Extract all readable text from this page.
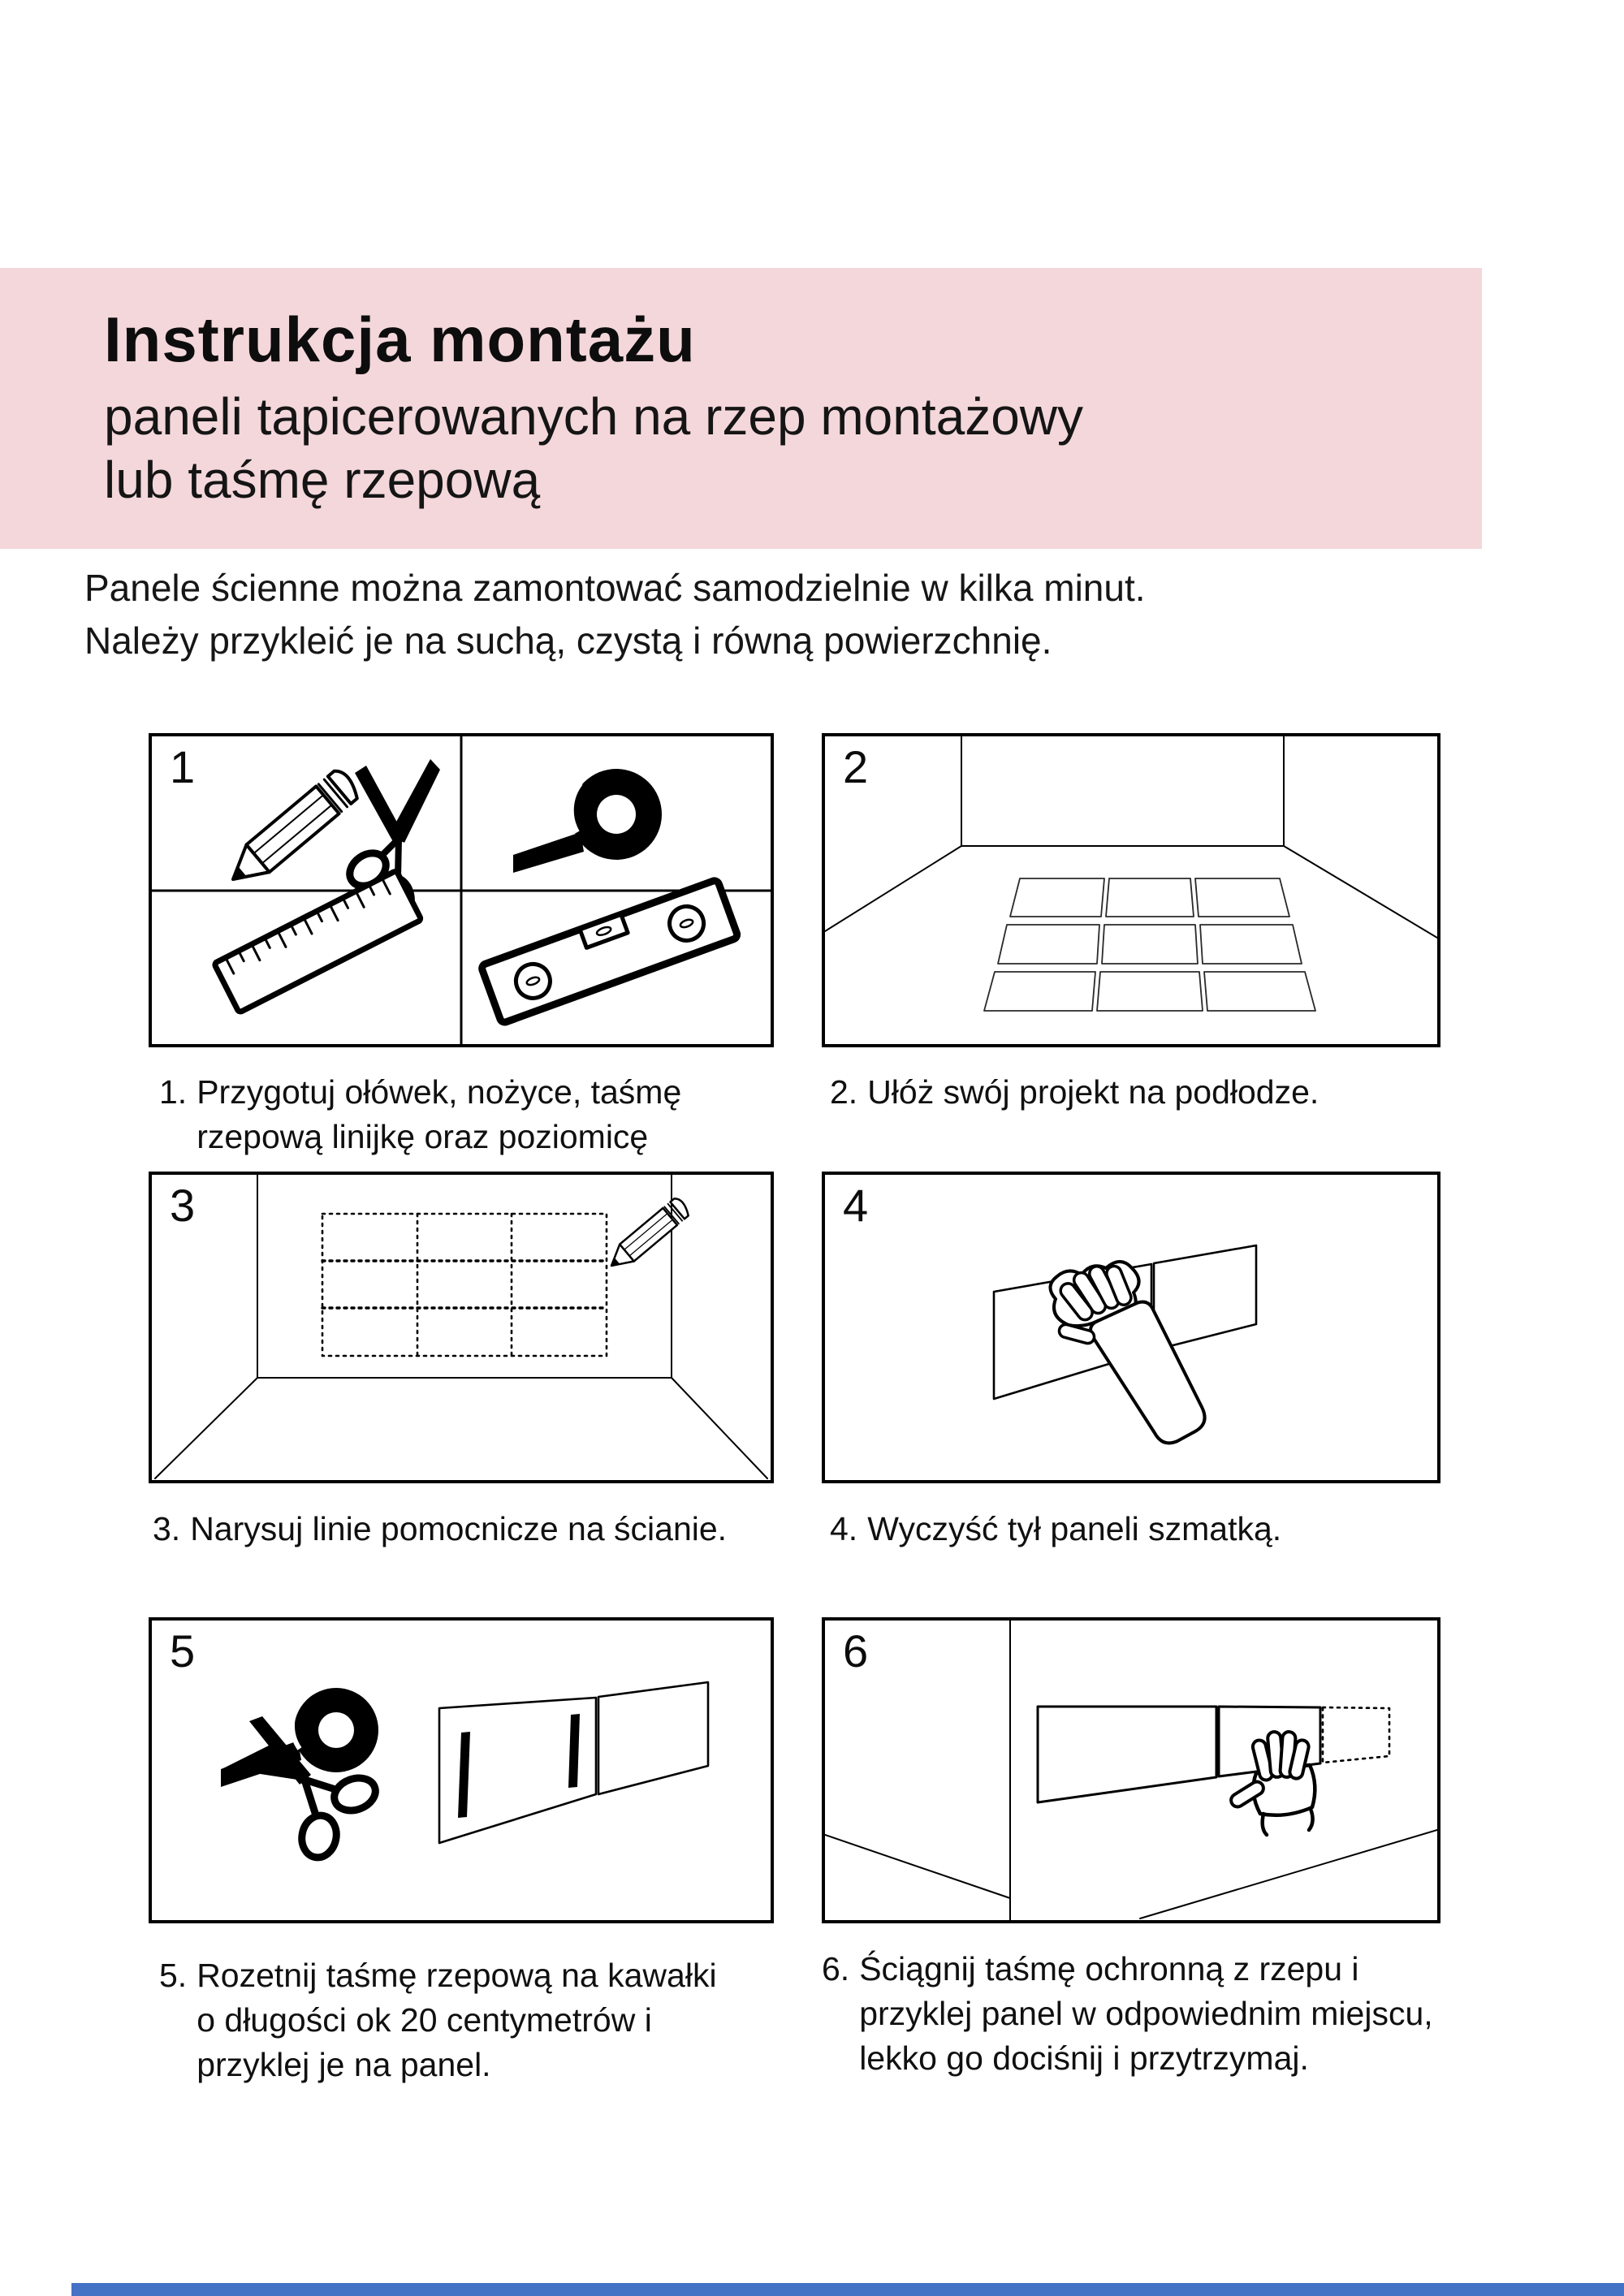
Instrukcja montażu
paneli tapicerowanych na rzep montażowy
lub taśmę rzepową
Panele ścienne można zamontować samodzielnie w kilka minut.
Należy przykleić je na suchą, czystą i równą powierzchnię.
1	2
1. Przygotuj ołówek, nożyce, taśmę
rzepową linijkę oraz poziomicę
2. Ułóż swój projekt na podłodze.
3	4
3. Narysuj linie pomocnicze na ścianie.	4. Wyczyść tył paneli szmatką.
5	6
5. Rozetnij taśmę rzepową na kawałki
o długości ok 20 centymetrów i
przyklej je na panel.
6. Ściągnij taśmę ochronną z rzepu i
przyklej panel w odpowiednim miejscu,
lekko go dociśnij i przytrzymaj.
